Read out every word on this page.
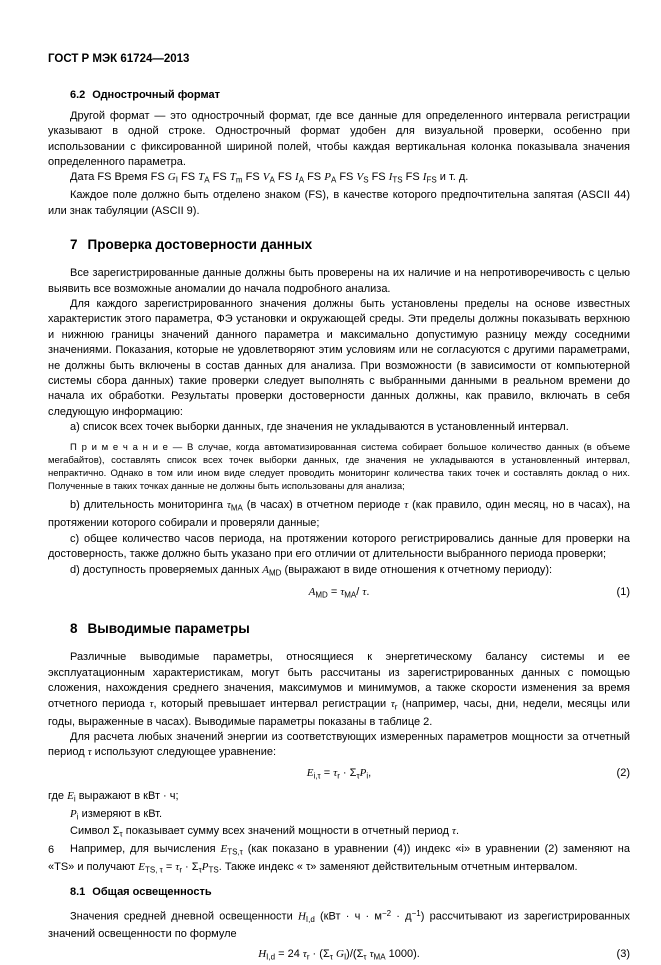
ГОСТ Р МЭК 61724—2013
6.2 Однострочный формат

Другой формат — это однострочный формат, где все данные для определенного интервала регистрации указывают в одной строке. Однострочный формат удобен для визуальной проверки, особенно при использовании с фиксированной шириной полей, чтобы каждая вертикальная колонка показывала значения определенного параметра.

Дата FS Время FS $G_I$ FS $T_A$ FS $T_m$ FS $V_A$ FS $I_A$ FS $P_A$ FS $V_S$ FS $I_{TS}$ FS $I_{FS}$ и т. д.

Каждое поле должно быть отделено знаком (FS), в качестве которого предпочтительна запятая (ASCII 44) или знак табуляции (ASCII 9).

7 Проверка достоверности данных

Все зарегистрированные данные должны быть проверены на их наличие и на непротиворечивость с целью выявить все возможные аномалии до начала подробного анализа.

Для каждого зарегистрированного значения должны быть установлены пределы на основе известных характеристик этого параметра, ФЭ установки и окружающей среды. Эти пределы должны показывать верхнюю и нижнюю границы значений данного параметра и максимально допустимую разницу между соседними значениями. Показания, которые не удовлетворяют этим условиям или не согласуются с другими параметрами, не должны быть включены в состав данных для анализа. При возможности (в зависимости от компьютерной системы сбора данных) такие проверки следует выполнять с выбранными данными в реальном времени до начала их обработки. Результаты проверки достоверности данных должны, как правило, включать в себя следующую информацию:

a) список всех точек выборки данных, где значения не укладываются в установленный интервал.

П р и м е ч а н и е — В случае, когда автоматизированная система собирает большое количество данных (в объеме мегабайтов), составлять список всех точек выборки данных, где значения не укладываются в установленный интервал, непрактично. Однако в том или ином виде следует проводить мониторинг количества таких точек и составлять доклад о них. Полученные в таких точках данные не должны быть использованы для анализа;

b) длительность мониторинга $\tau_{MA}$ (в часах) в отчетном периоде τ (как правило, один месяц, но в часах), на протяжении которого собирали и проверяли данные;

c) общее количество часов периода, на протяжении которого регистрировались данные для проверки на достоверность, также должно быть указано при его отличии от длительности выбранного периода проверки;

d) доступность проверяемых данных $A_{MD}$ (выражают в виде отношения к отчетному периоду):

$A_{MD} = \tau_{MA}/$ τ.	(1)
8 Выводимые параметры

Различные выводимые параметры, относящиеся к энергетическому балансу системы и ее эксплуатационным характеристикам, могут быть рассчитаны из зарегистрированных данных с помощью сложения, нахождения среднего значения, максимумов и минимумов, а также скорости изменения за время отчетного периода τ, который превышает интервал регистрации $\tau_r$ (например, часы, дни, недели, месяцы или годы, выраженные в часах). Выводимые параметры показаны в таблице 2.

Для расчета любых значений энергии из соответствующих измеренных параметров мощности за отчетный период τ используют следующее уравнение:

$E_{i,\tau} = \tau_r \cdot \Sigma_\tau P_i$,	(2)

где $E_i$ выражают в кВт · ч;

$P_i$ измеряют в кВт.

Символ $\Sigma_\tau$ показывает сумму всех значений мощности в отчетный период τ.

Например, для вычисления $E_{TS,\tau}$ (как показано в уравнении (4)) индекс «i» в уравнении (2) заменяют на «TS» и получают $E_{TS, \tau} = \tau_r \cdot \Sigma_\tau P_{TS}$. Также индекс « τ» заменяют действительным отчетным интервалом.

8.1 Общая освещенность

Значения средней дневной освещенности $H_{I,d}$ $(кВт \cdot ч \cdot м^{-2} \cdot д^{-1})$ рассчитывают из зарегистрированных значений освещенности по формуле

$H_{I,d} = 24$ $\tau_r \cdot (\Sigma_\tau$ $G_I)/(\Sigma_\tau$ $\tau_{MA}$ 1000).	(3)
6
